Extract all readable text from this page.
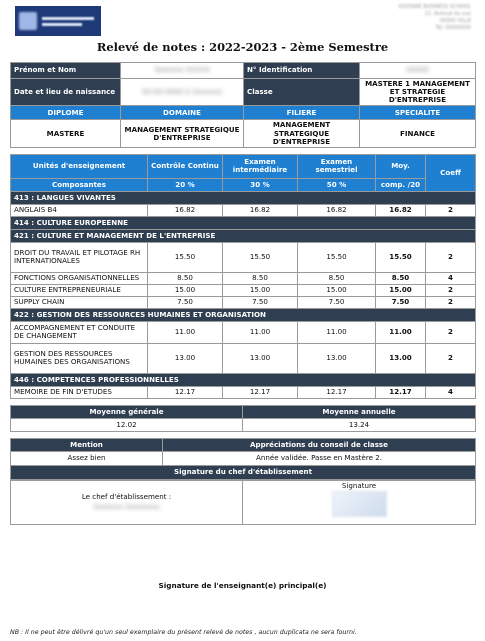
VOLTAIRE BUSINESS SCHOOL
12, Avenue du xxx
00000 VILLE
Tel: 00000000
Relevé de notes : 2022-2023 - 2ème Semestre
Prénom et Nom	Yasmine XXXXX	N° Identification	00000
Date et lieu de naissance	00-00-0000 à Xxxxxxx	Classe	MASTERE 1 MANAGEMENT ET STRATEGIE D'ENTREPRISE
DIPLOME	DOMAINE	FILIERE	SPECIALITE
MASTERE	MANAGEMENT STRATEGIQUE D'ENTREPRISE	MANAGEMENT STRATEGIQUE D'ENTREPRISE	FINANCE
Unités d'enseignement	Contrôle Continu	Examen intermédiaire	Examen semestriel	Moy.	Coeff
Composantes	20 %	30 %	50 %	comp. /20	
413 : LANGUES VIVANTES					
ANGLAIS B4	16.82	16.82	16.82	16.82	2
414 : CULTURE EUROPEENNE					
421 : CULTURE ET MANAGEMENT DE L'ENTREPRISE					
DROIT DU TRAVAIL ET PILOTAGE RH INTERNATIONALES	15.50	15.50	15.50	15.50	2
FONCTIONS ORGANISATIONNELLES	8.50	8.50	8.50	8.50	4
CULTURE ENTREPRENEURIALE	15.00	15.00	15.00	15.00	2
SUPPLY CHAIN	7.50	7.50	7.50	7.50	2
422 : GESTION DES RESSOURCES HUMAINES ET ORGANISATION					
ACCOMPAGNEMENT ET CONDUITE DE CHANGEMENT	11.00	11.00	11.00	11.00	2
GESTION DES RESSOURCES HUMAINES DES ORGANISATIONS	13.00	13.00	13.00	13.00	2
446 : COMPETENCES PROFESSIONNELLES					
MEMOIRE DE FIN D'ETUDES	12.17	12.17	12.17	12.17	4
Moyenne générale	Moyenne annuelle
12.02	13.24
Mention	Appréciations du conseil de classe
Assez bien	Année validée. Passe en Mastère 2.
Signature du chef d'établissement	
Le chef d'établissement :
Xxxxxxx Xxxxxxxx

Signature
Signature de l'enseignant(e) principal(e)
NB : Il ne peut être délivré qu'un seul exemplaire du présent relevé de notes , aucun duplicata ne sera fourni.
